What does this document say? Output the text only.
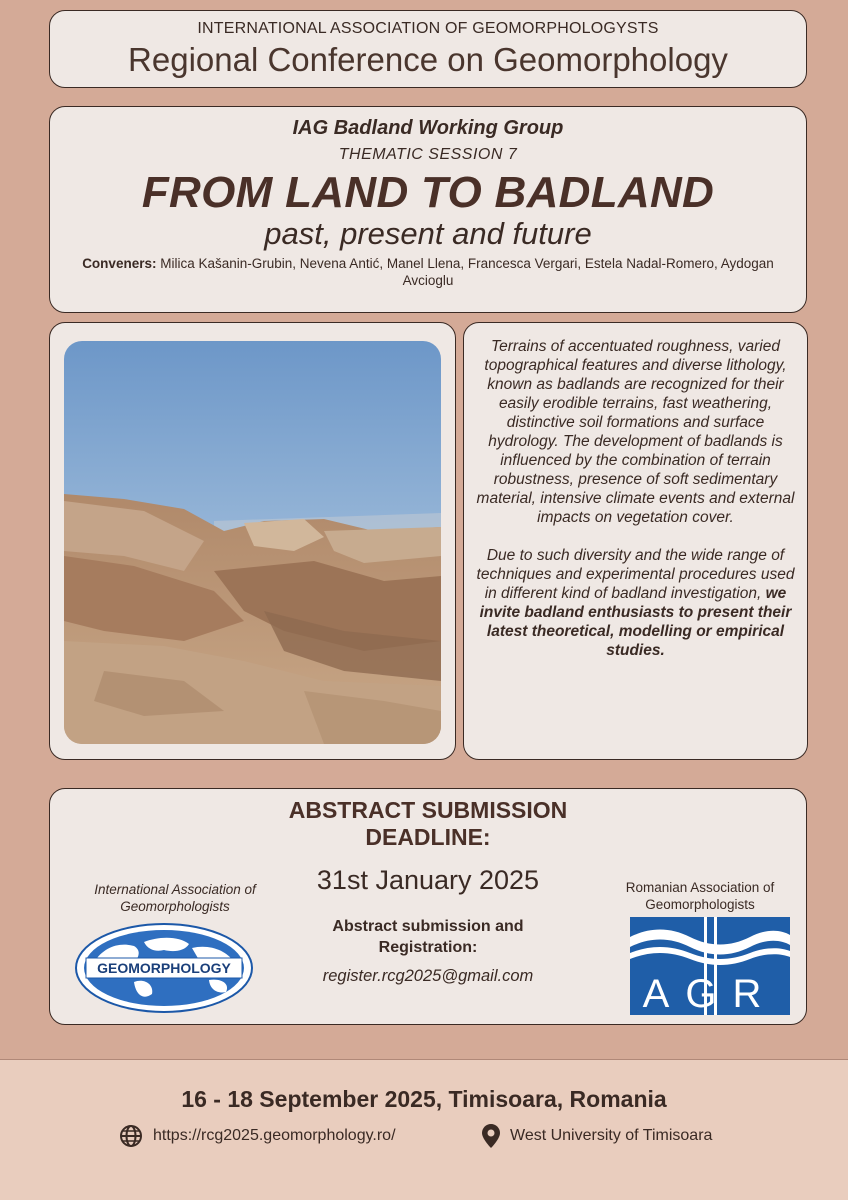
INTERNATIONAL ASSOCIATION OF GEOMORPHOLOGYSTS
Regional Conference on Geomorphology
IAG Badland Working Group
THEMATIC SESSION 7
FROM LAND TO BADLAND
past, present and future
Conveners: Milica Kašanin-Grubin, Nevena Antić, Manel Llena, Francesca Vergari, Estela Nadal-Romero, Aydogan Avcioglu

Terrains of accentuated roughness, varied topographical features and diverse lithology, known as badlands are recognized for their easily erodible terrains, fast weathering, distinctive soil formations and surface hydrology. The development of badlands is influenced by the combination of terrain robustness, presence of soft sedimentary material, intensive climate events and external impacts on vegetation cover.

Due to such diversity and the wide range of techniques and experimental procedures used in different kind of badland investigation, we invite badland enthusiasts to present their latest theoretical, modelling or empirical studies.

ABSTRACT SUBMISSION
DEADLINE:
31st January 2025
Abstract submission and
Registration:
register.rcg2025@gmail.com
International Association of Geomorphologists
GEOMORPHOLOGY
Romanian Association of Geomorphologists
AGR
16 - 18 September 2025, Timisoara, Romania
https://rcg2025.geomorphology.ro/	West University of Timisoara
